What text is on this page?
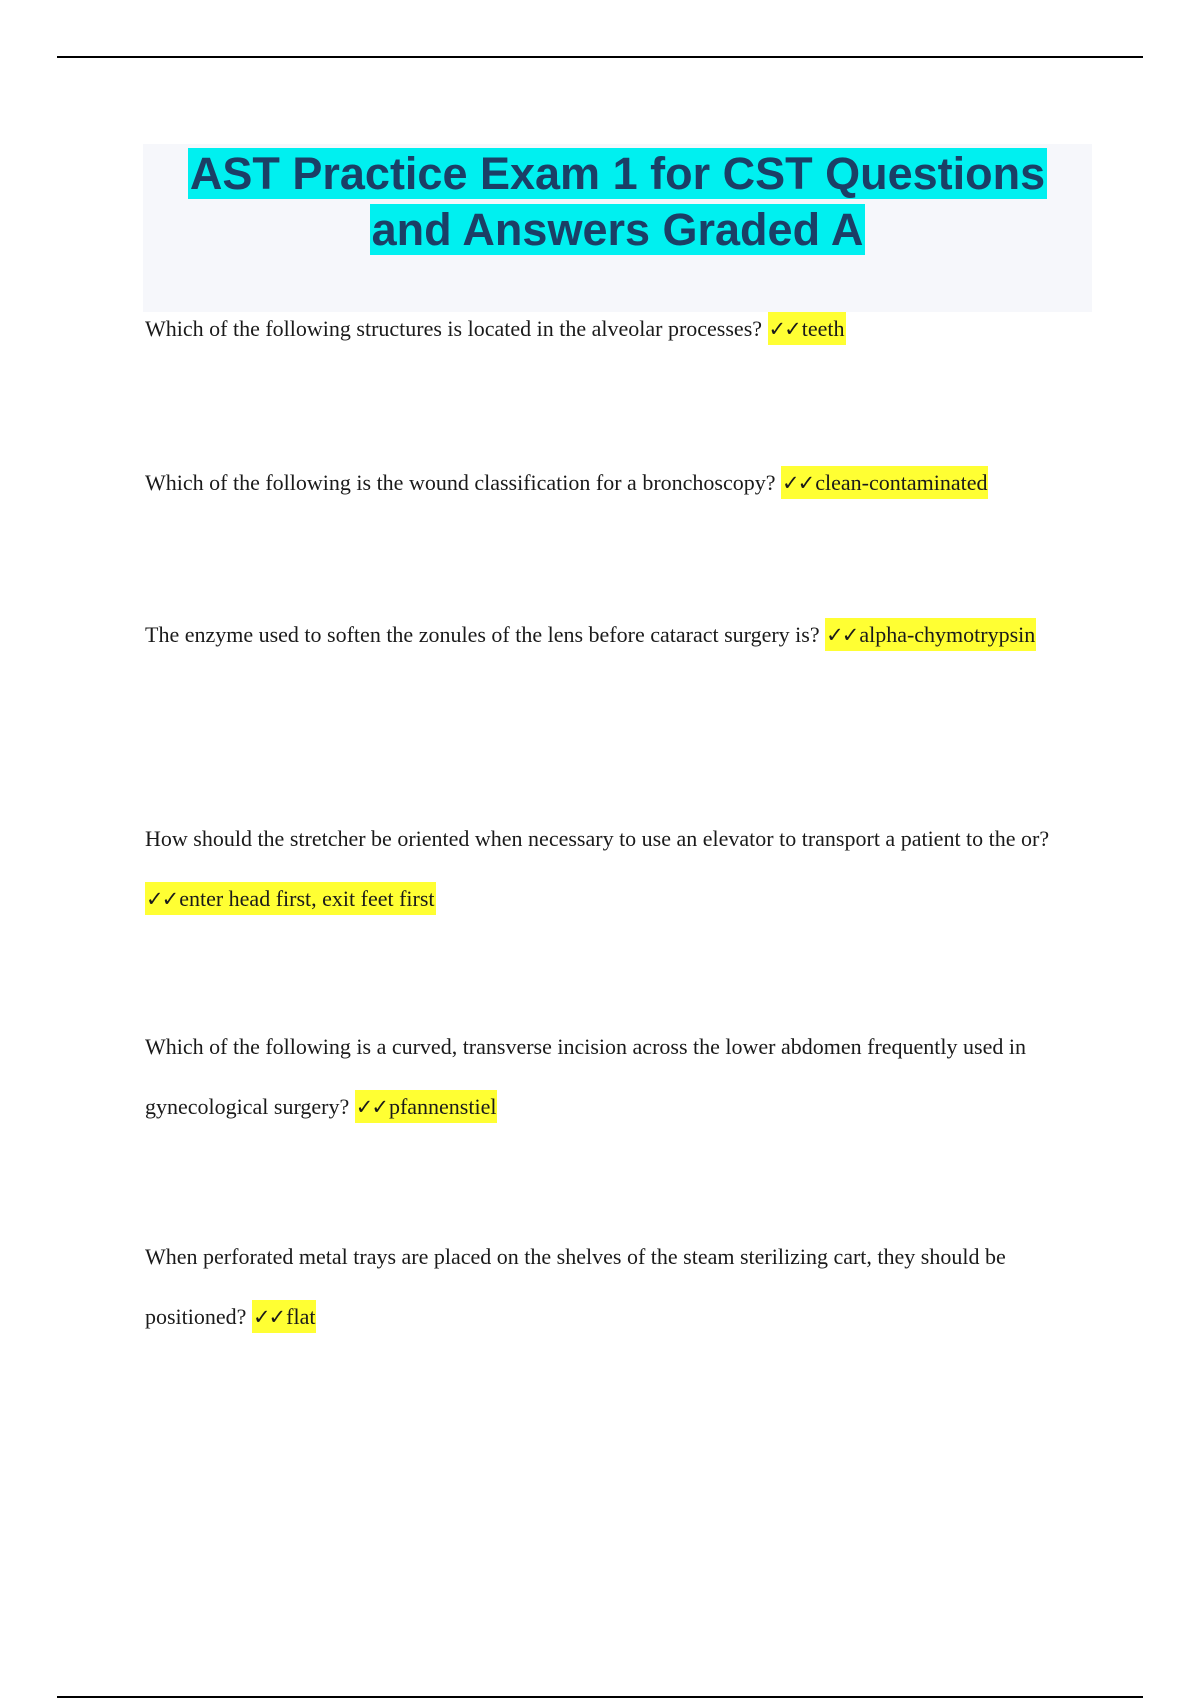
AST Practice Exam 1 for CST Questions
and Answers Graded A

Which of the following structures is located in the alveolar processes? ✓✓teeth

Which of the following is the wound classification for a bronchoscopy? ✓✓clean-contaminated

The enzyme used to soften the zonules of the lens before cataract surgery is? ✓✓alpha-chymotrypsin

How should the stretcher be oriented when necessary to use an elevator to transport a patient to the or? ✓✓enter head first, exit feet first

Which of the following is a curved, transverse incision across the lower abdomen frequently used in gynecological surgery? ✓✓pfannenstiel

When perforated metal trays are placed on the shelves of the steam sterilizing cart, they should be positioned? ✓✓flat
